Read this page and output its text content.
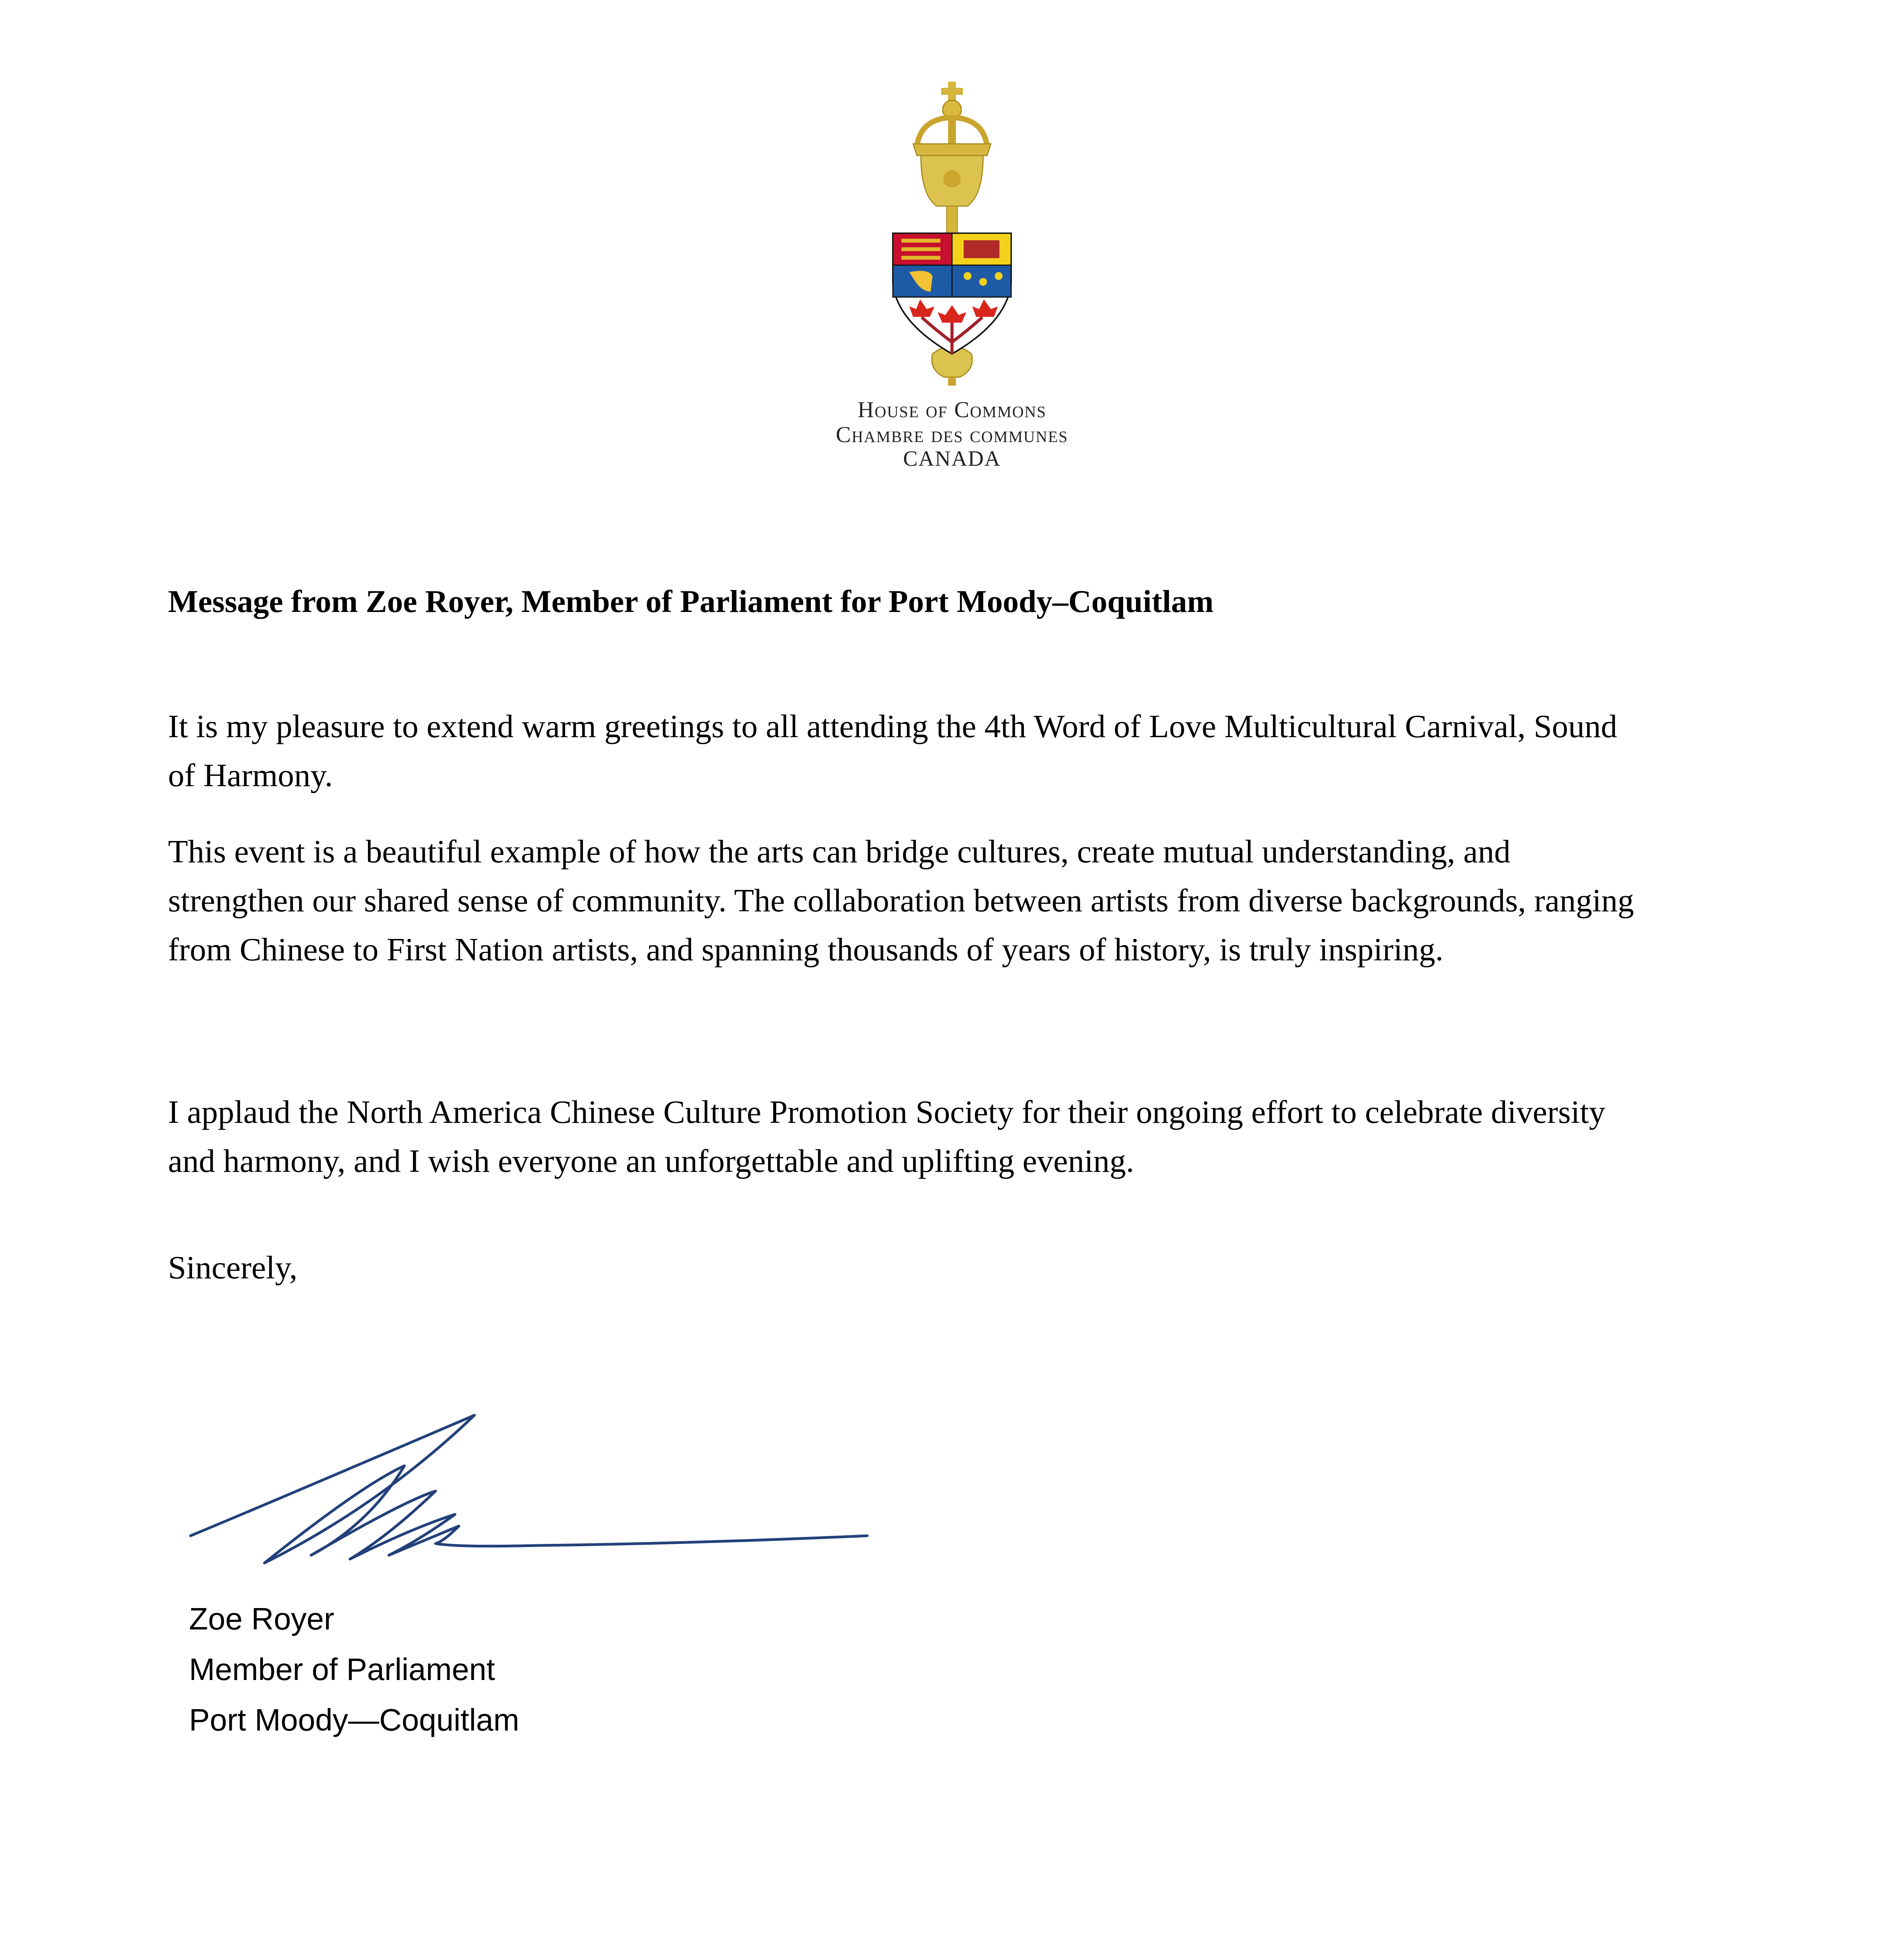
House of Commons
Chambre des communes
CANADA
Message from Zoe Royer, Member of Parliament for Port Moody–Coquitlam
It is my pleasure to extend warm greetings to all attending the 4th Word of Love Multicultural Carnival, Sound of Harmony.
This event is a beautiful example of how the arts can bridge cultures, create mutual understanding, and strengthen our shared sense of community. The collaboration between artists from diverse backgrounds, ranging from Chinese to First Nation artists, and spanning thousands of years of history, is truly inspiring.
I applaud the North America Chinese Culture Promotion Society for their ongoing effort to celebrate diversity and harmony, and I wish everyone an unforgettable and uplifting evening.
Sincerely,
Zoe Royer
Member of Parliament
Port Moody—Coquitlam
